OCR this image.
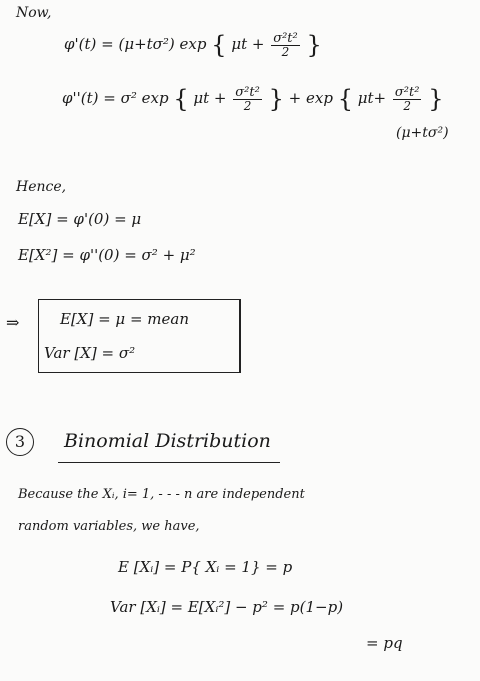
Now,
φ'(t) = (μ+tσ²) exp { $\mu t + \frac{\text{σ²t²}}{2}$ }
φ''(t) = σ² exp { $\mu t + \frac{\text{σ²t²}}{2}$ } + exp { $\mu t+ \frac{\text{σ²t²}}{2}$ }
(μ+tσ²)
Hence,
E[X] = φ'(0) = μ
E[X²] = φ''(0) = σ² + μ²
⇒	E[X] = μ = mean
Var [X] = σ²
3	Binomial Distribution
Because the Xᵢ, i= 1, - - - n are independent
random variables, we have,
E [Xᵢ] = P{ Xᵢ = 1} = p
Var [Xᵢ] = E[Xᵢ²] − p² = p(1−p)
= pq
